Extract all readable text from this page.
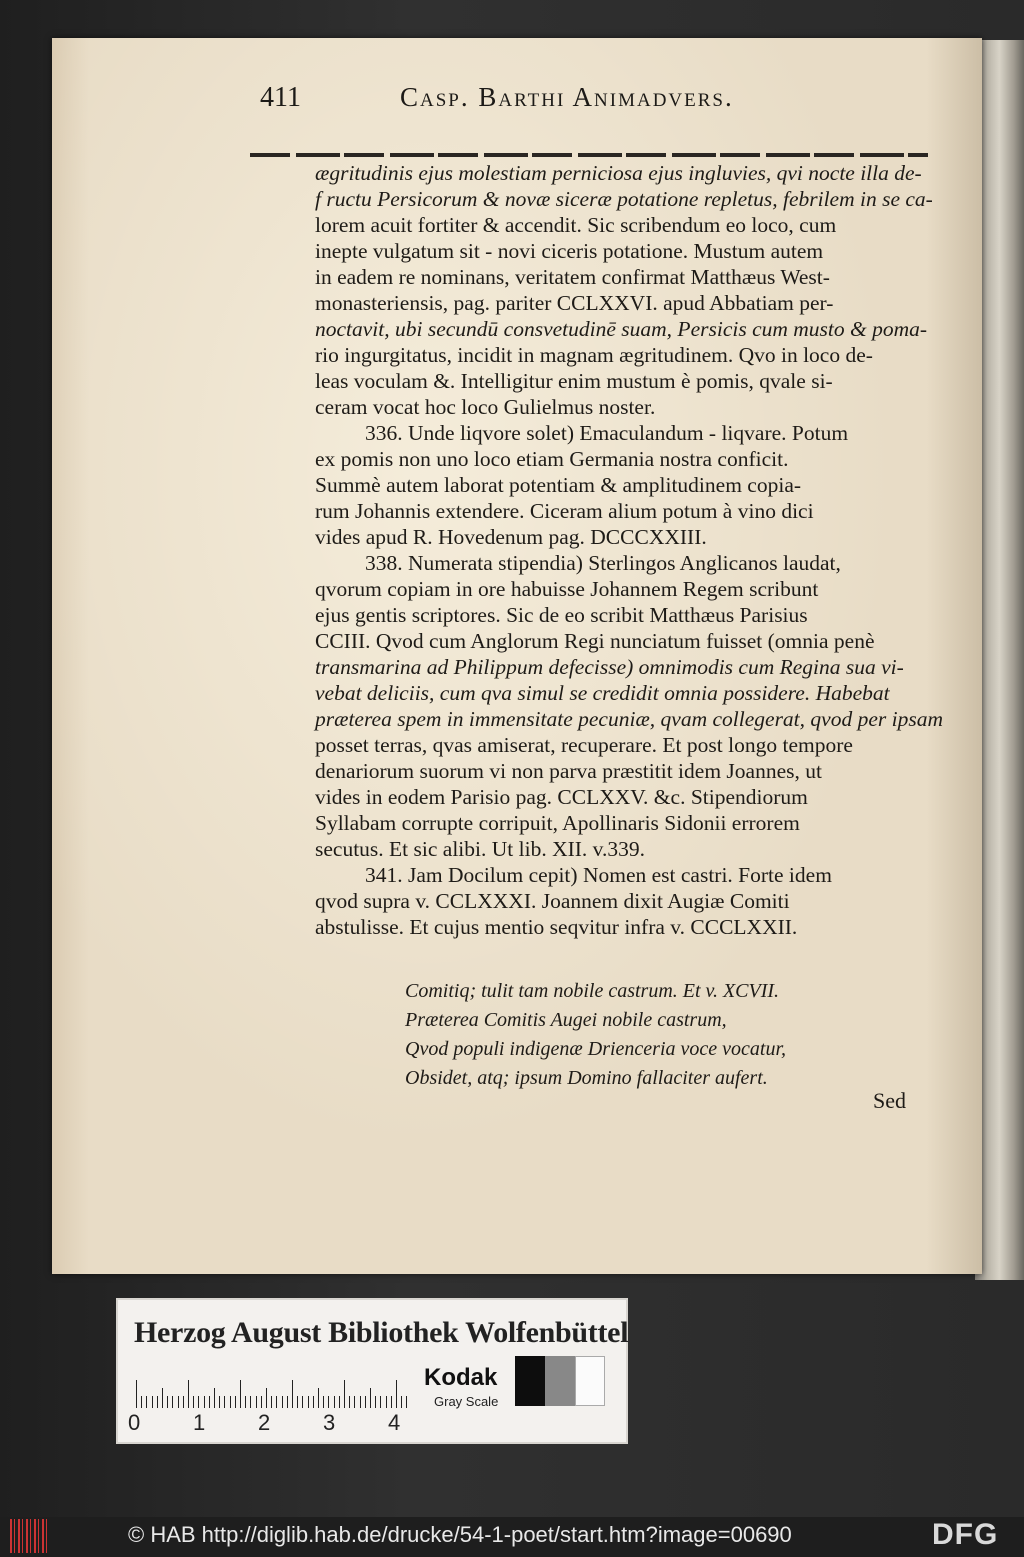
411	Casp. Barthi Animadvers.
ægritudinis ejus molestiam perniciosa ejus ingluvies, qvi nocte illa de-
f ructu Persicorum & novæ siceræ potatione repletus, febrilem in se ca-
lorem acuit fortiter & accendit. Sic scribendum eo loco, cum
inepte vulgatum sit - novi ciceris potatione. Mustum autem
in eadem re nominans, veritatem confirmat Matthæus West-
monasteriensis, pag. pariter CCLXXVI. apud Abbatiam per-
noctavit, ubi secundū consvetudinē suam, Persicis cum musto & poma-
rio ingurgitatus, incidit in magnam ægritudinem. Qvo in loco de-
leas voculam &. Intelligitur enim mustum è pomis, qvale si-
ceram vocat hoc loco Gulielmus noster.
336. Unde liqvore solet) Emaculandum - liqvare. Potum
ex pomis non uno loco etiam Germania nostra conficit.
Summè autem laborat potentiam & amplitudinem copia-
rum Johannis extendere. Ciceram alium potum à vino dici
vides apud R. Hovedenum pag. DCCCXXIII.
338. Numerata stipendia) Sterlingos Anglicanos laudat,
qvorum copiam in ore habuisse Johannem Regem scribunt
ejus gentis scriptores. Sic de eo scribit Matthæus Parisius
CCIII. Qvod cum Anglorum Regi nunciatum fuisset (omnia penè
transmarina ad Philippum defecisse) omnimodis cum Regina sua vi-
vebat deliciis, cum qva simul se credidit omnia possidere. Habebat
præterea spem in immensitate pecuniæ, qvam collegerat, qvod per ipsam
posset terras, qvas amiserat, recuperare. Et post longo tempore
denariorum suorum vi non parva præstitit idem Joannes, ut
vides in eodem Parisio pag. CCLXXV. &c. Stipendiorum
Syllabam corrupte corripuit, Apollinaris Sidonii errorem
secutus. Et sic alibi. Ut lib. XII. v.339.
341. Jam Docilum cepit) Nomen est castri. Forte idem
qvod supra v. CCLXXXI. Joannem dixit Augiæ Comiti
abstulisse. Et cujus mentio seqvitur infra v. CCCLXXII.
Comitiq; tulit tam nobile castrum. Et v. XCVII.
Præterea Comitis Augei nobile castrum,
Qvod populi indigenæ Drienceria voce vocatur,
Obsidet, atq; ipsum Domino fallaciter aufert.
Sed
Herzog August Bibliothek Wolfenbüttel
0 1 2 3 4
Kodak
Gray Scale
© HAB http://diglib.hab.de/drucke/54-1-poet/start.htm?image=00690	DFG
